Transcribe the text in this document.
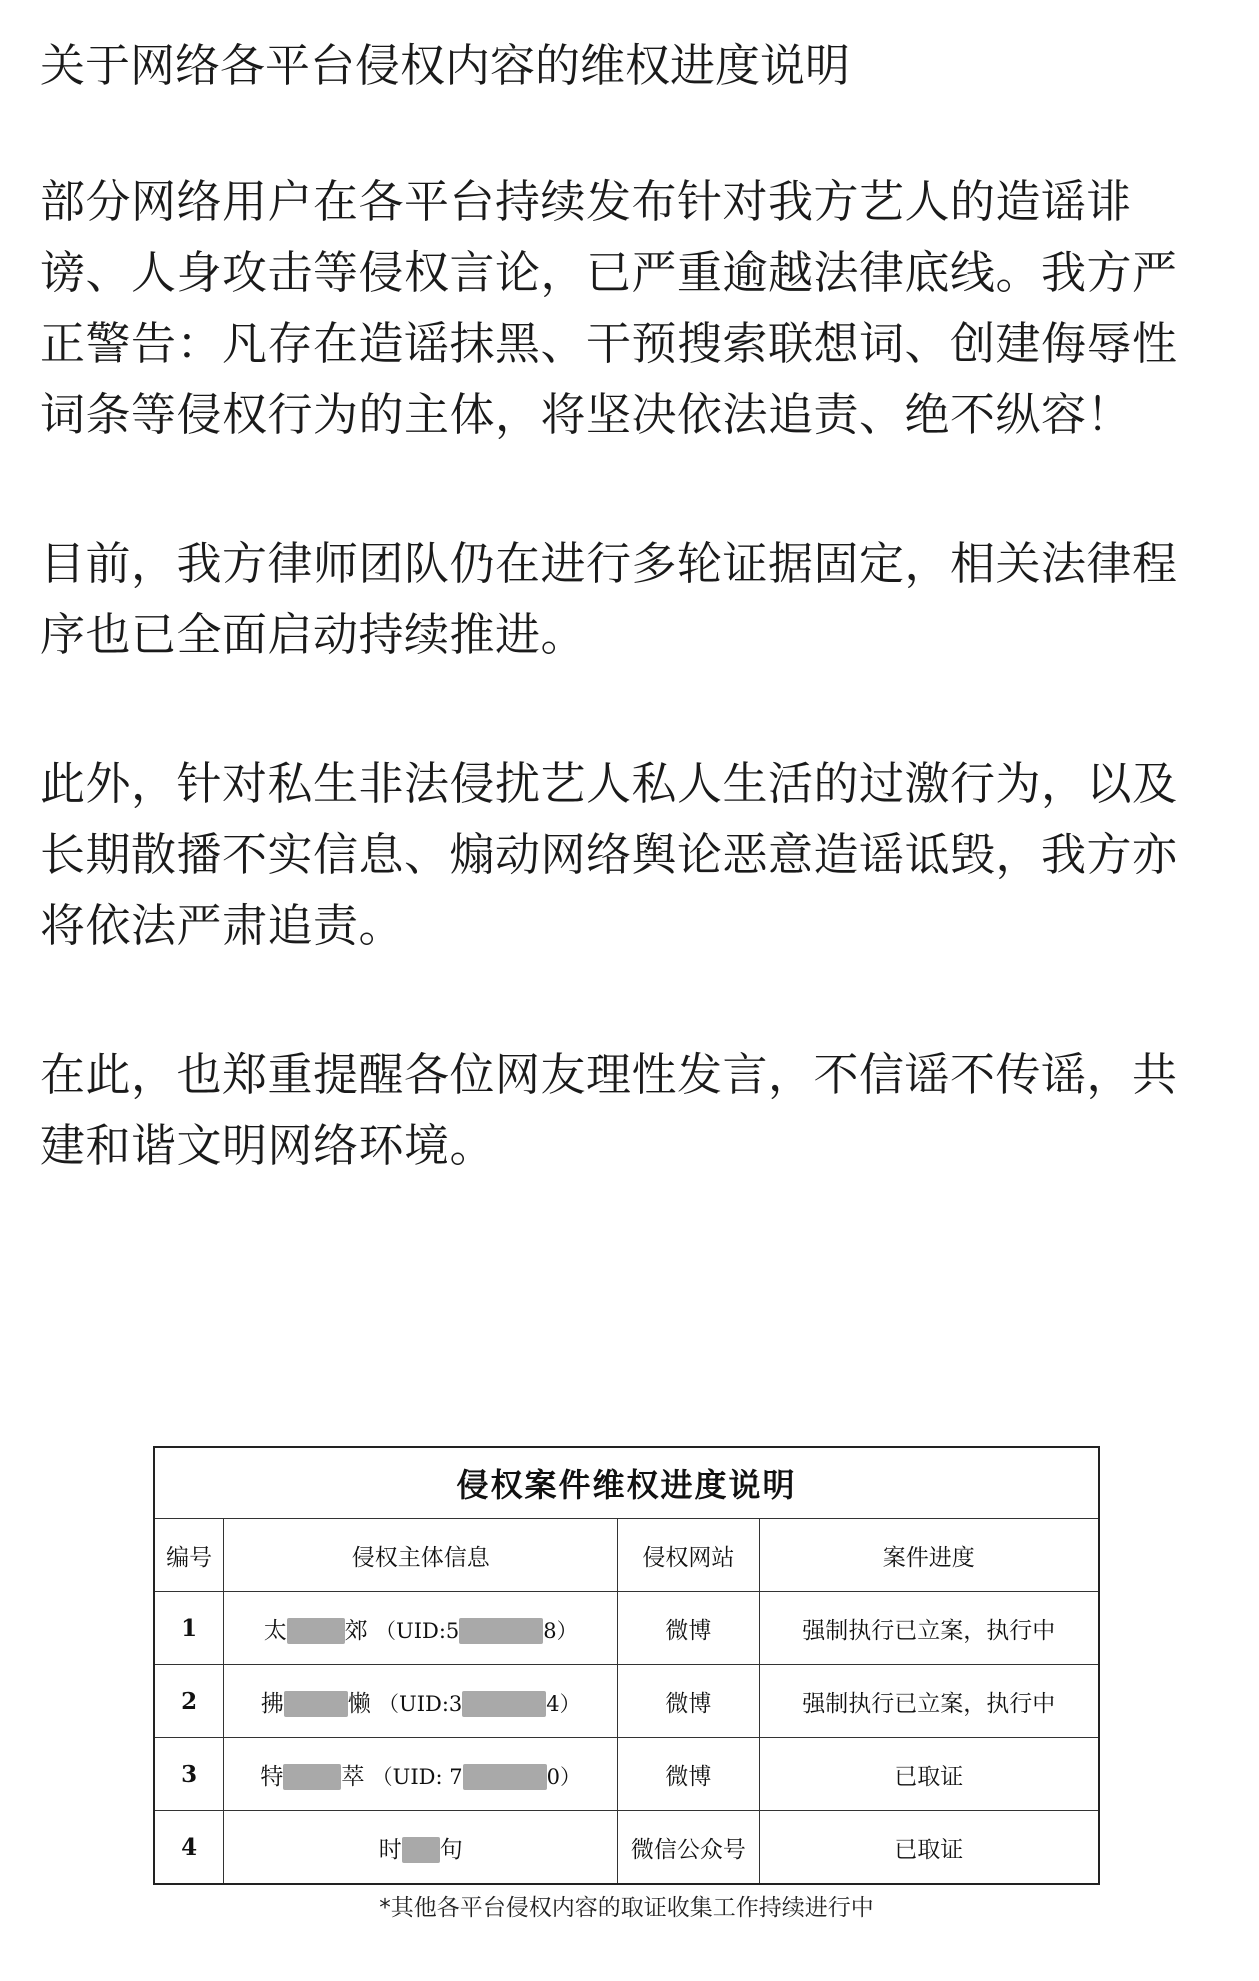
关于网络各平台侵权内容的维权进度说明
部分网络用户在各平台持续发布针对我方艺人的造谣诽谤、人身攻击等侵权言论，已严重逾越法律底线。我方严正警告：凡存在造谣抹黑、干预搜索联想词、创建侮辱性词条等侵权行为的主体，将坚决依法追责、绝不纵容！
目前，我方律师团队仍在进行多轮证据固定，相关法律程序也已全面启动持续推进。
此外，针对私生非法侵扰艺人私人生活的过激行为，以及长期散播不实信息、煽动网络舆论恶意造谣诋毁，我方亦将依法严肃追责。
在此，也郑重提醒各位网友理性发言，不信谣不传谣，共建和谐文明网络环境。
侵权案件维权进度说明			
编号	侵权主体信息	侵权网站	案件进度
1	太 郊 （UID:5 8）	微博	强制执行已立案，执行中
2	拂 懒 （UID:3 4）	微博	强制执行已立案，执行中
3	特 萃 （UID: 7 0）	微博	已取证
4	时 句	微信公众号	已取证
*其他各平台侵权内容的取证收集工作持续进行中
